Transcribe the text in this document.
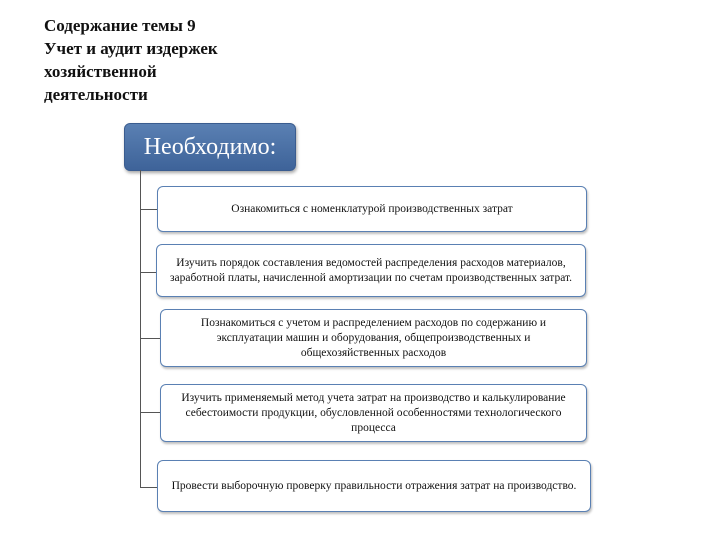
Содержание темы 9
Учет и аудит издержек
хозяйственной
деятельности
Необходимо:
Ознакомиться с номенклатурой производственных затрат
Изучить порядок составления ведомостей распределения расходов материалов, заработной платы, начисленной амортизации по счетам производственных затрат.
Познакомиться с учетом и распределением расходов по содержанию и эксплуатации машин и оборудования, общепроизводственных и общехозяйственных расходов
Изучить применяемый метод учета затрат на производство и калькулирование себестоимости продукции, обусловленной особенностями технологического процесса
Провести выборочную проверку правильности отражения затрат на производство.
